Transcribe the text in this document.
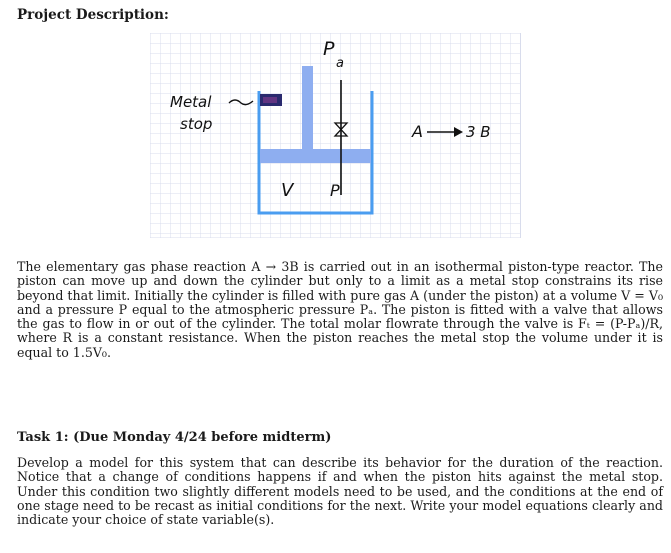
Project Description:
P
a
Metal
stop
V P
A	3 B

The elementary gas phase reaction A → 3B is carried out in an isothermal piston-type reactor. The piston can move up and down the cylinder but only to a limit as a metal stop constrains its rise beyond that limit. Initially the cylinder is filled with pure gas A (under the piston) at a volume V = V₀ and a pressure P equal to the atmospheric pressure Pₐ. The piston is fitted with a valve that allows the gas to flow in or out of the cylinder. The total molar flowrate through the valve is Fₜ = (P-Pₐ)/R, where R is a constant resistance. When the piston reaches the metal stop the volume under it is equal to 1.5V₀.

Task 1: (Due Monday 4/24 before midterm)

Develop a model for this system that can describe its behavior for the duration of the reaction. Notice that a change of conditions happens if and when the piston hits against the metal stop. Under this condition two slightly different models need to be used, and the conditions at the end of one stage need to be recast as initial conditions for the next. Write your model equations clearly and indicate your choice of state variable(s).
